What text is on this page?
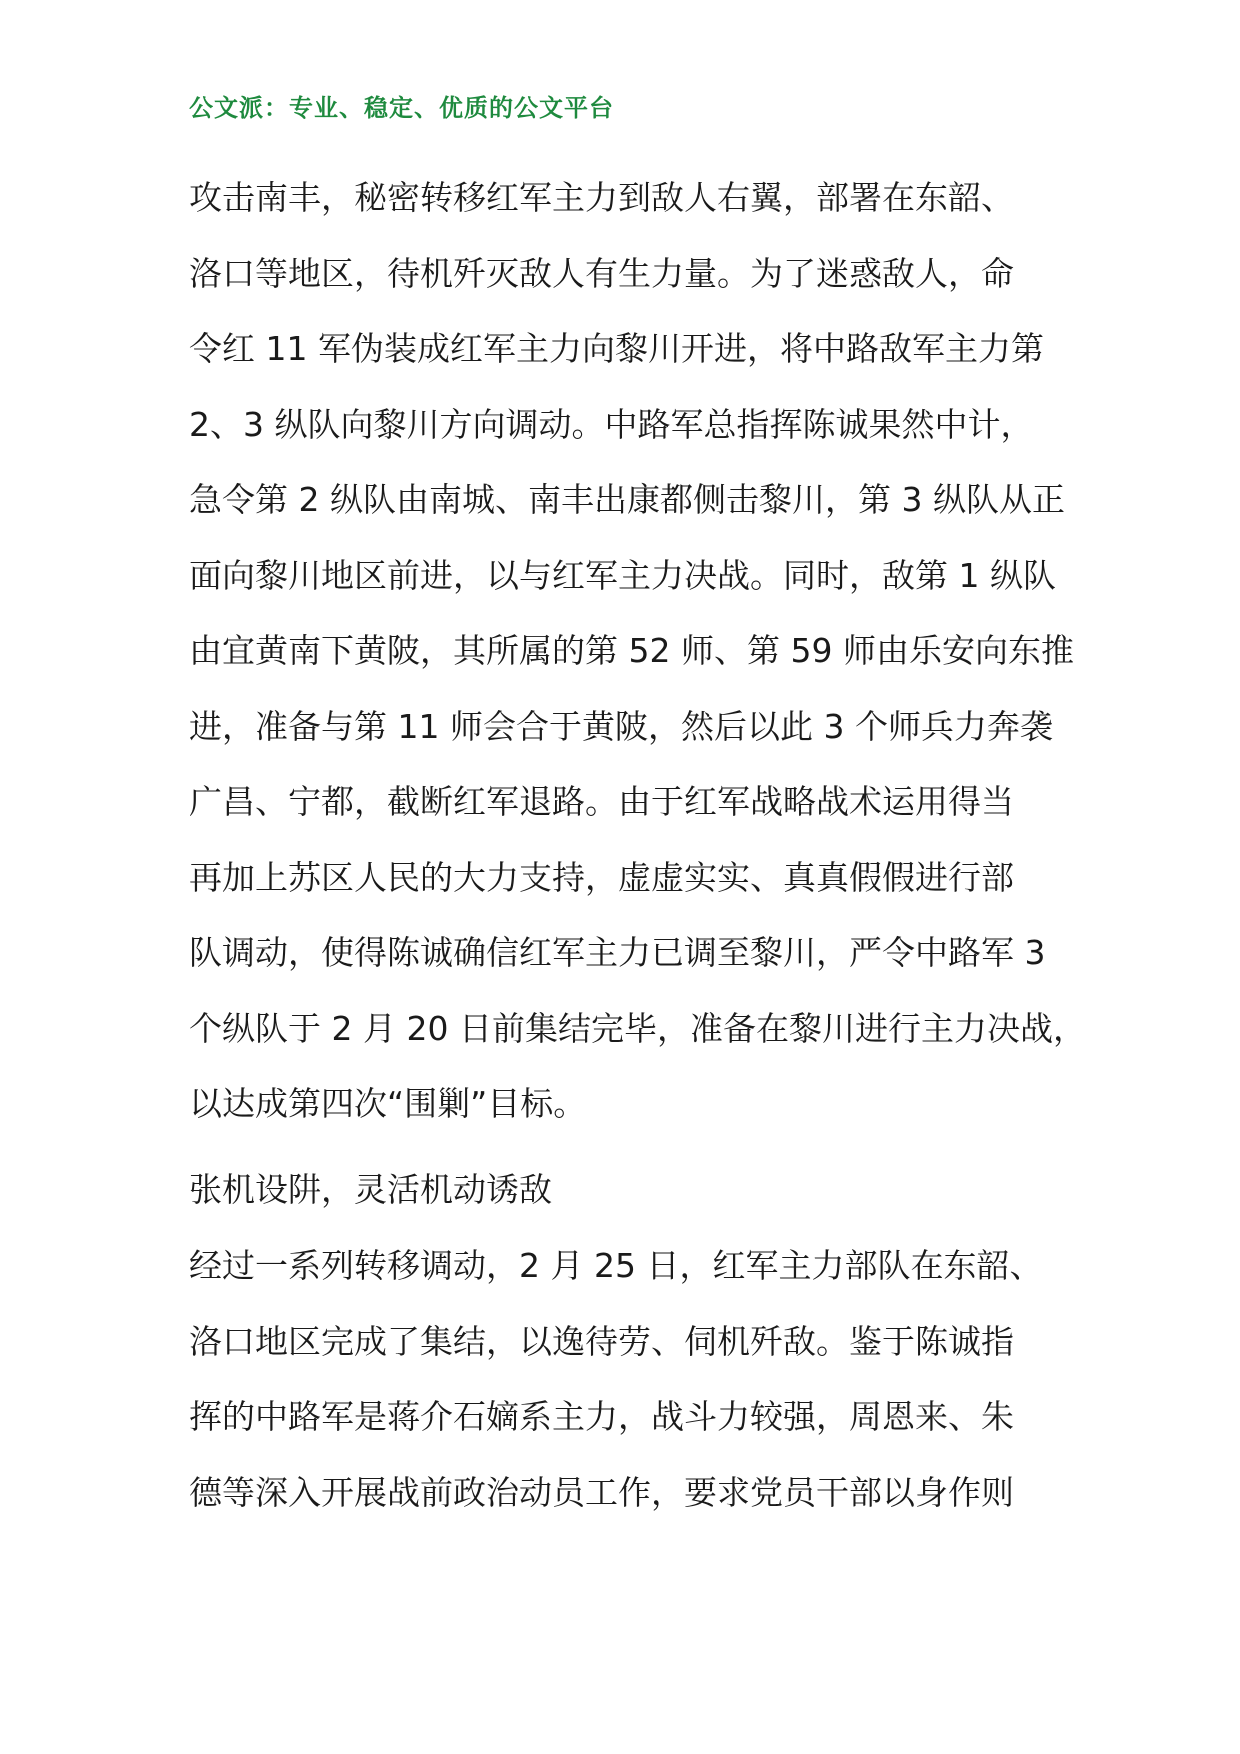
公文派：专业、稳定、优质的公文平台
攻击南丰，秘密转移红军主力到敌人右翼，部署在东韶、
洛口等地区，待机歼灭敌人有生力量。为了迷惑敌人，命
令红 11 军伪装成红军主力向黎川开进，将中路敌军主力第
2、3 纵队向黎川方向调动。中路军总指挥陈诚果然中计，
急令第 2 纵队由南城、南丰出康都侧击黎川，第 3 纵队从正
面向黎川地区前进，以与红军主力决战。同时，敌第 1 纵队
由宜黄南下黄陂，其所属的第 52 师、第 59 师由乐安向东推
进，准备与第 11 师会合于黄陂，然后以此 3 个师兵力奔袭
广昌、宁都，截断红军退路。由于红军战略战术运用得当
再加上苏区人民的大力支持，虚虚实实、真真假假进行部
队调动，使得陈诚确信红军主力已调至黎川，严令中路军 3
个纵队于 2 月 20 日前集结完毕，准备在黎川进行主力决战，
以达成第四次“围剿”目标。
张机设阱，灵活机动诱敌
经过一系列转移调动，2 月 25 日，红军主力部队在东韶、
洛口地区完成了集结，以逸待劳、伺机歼敌。鉴于陈诚指
挥的中路军是蒋介石嫡系主力，战斗力较强，周恩来、朱
德等深入开展战前政治动员工作，要求党员干部以身作则
